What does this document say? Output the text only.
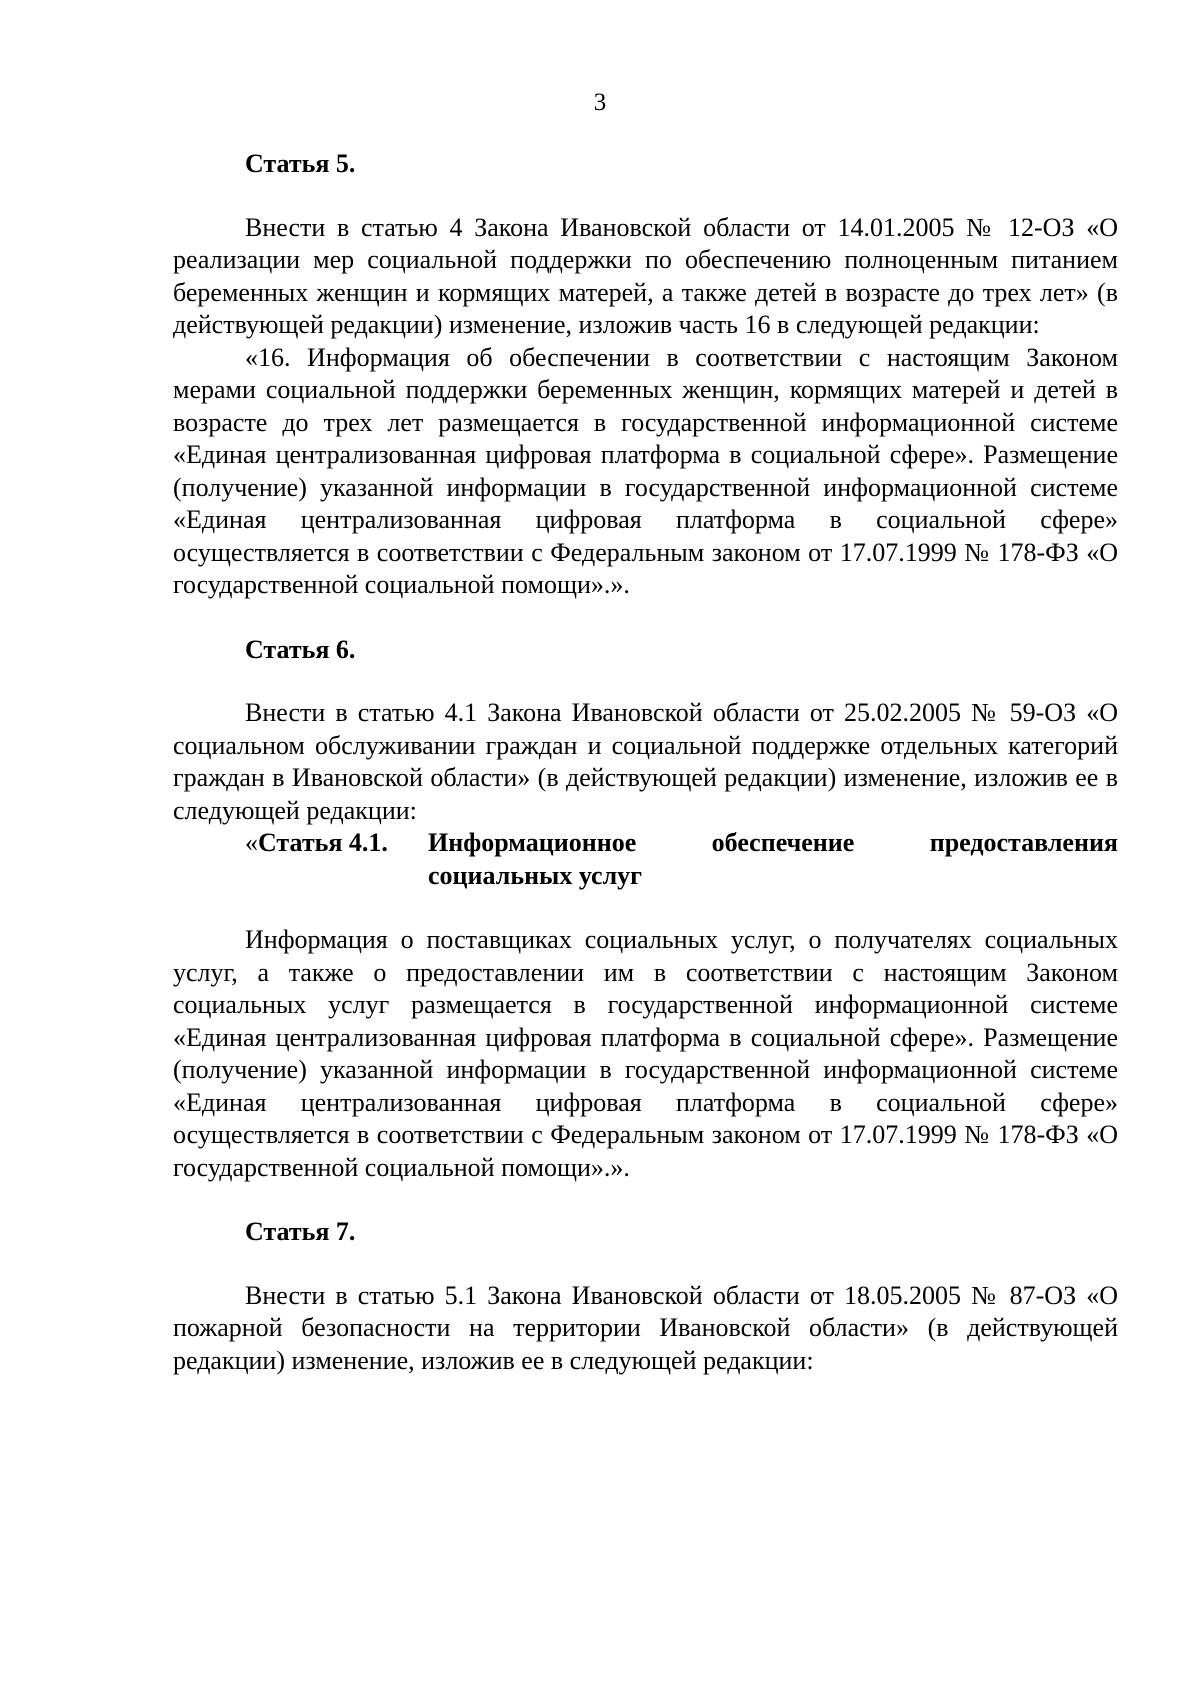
3
Статья 5.

Внести в статью 4 Закона Ивановской области от 14.01.2005 № 12-ОЗ «О реализации мер социальной поддержки по обеспечению полноценным питанием беременных женщин и кормящих матерей, а также детей в возрасте до трех лет» (в действующей редакции) изменение, изложив часть 16 в следующей редакции:

«16. Информация об обеспечении в соответствии с настоящим Законом мерами социальной поддержки беременных женщин, кормящих матерей и детей в возрасте до трех лет размещается в государственной информационной системе «Единая централизованная цифровая платформа в социальной сфере». Размещение (получение) указанной информации в государственной информационной системе «Единая централизованная цифровая платформа в социальной сфере» осуществляется в соответствии с Федеральным законом от 17.07.1999 № 178-ФЗ «О государственной социальной помощи».».

Статья 6.

Внести в статью 4.1 Закона Ивановской области от 25.02.2005 № 59-ОЗ «О социальном обслуживании граждан и социальной поддержке отдельных категорий граждан в Ивановской области» (в действующей редакции) изменение, изложив ее в следующей редакции:

«Статья 4.1.	Информационное обеспечение предоставления
социальных услуг

Информация о поставщиках социальных услуг, о получателях социальных услуг, а также о предоставлении им в соответствии с настоящим Законом социальных услуг размещается в государственной информационной системе «Единая централизованная цифровая платформа в социальной сфере». Размещение (получение) указанной информации в государственной информационной системе «Единая централизованная цифровая платформа в социальной сфере» осуществляется в соответствии с Федеральным законом от 17.07.1999 № 178-ФЗ «О государственной социальной помощи».».

Статья 7.

Внести в статью 5.1 Закона Ивановской области от 18.05.2005 № 87-ОЗ «О пожарной безопасности на территории Ивановской области» (в действующей редакции) изменение, изложив ее в следующей редакции:
